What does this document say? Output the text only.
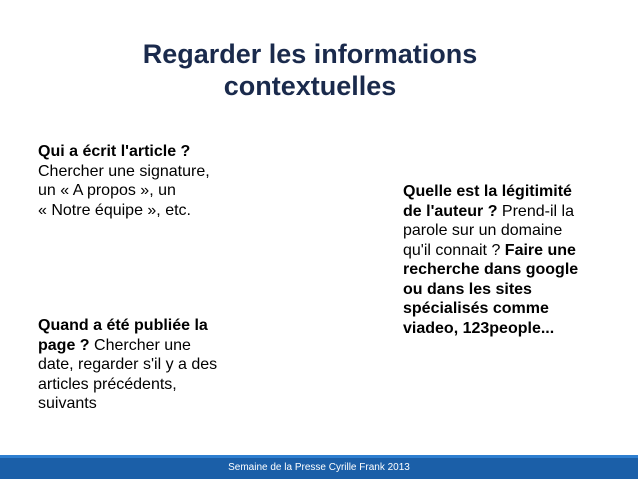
Regarder les informations
contextuelles
Qui a écrit l'article ?
Chercher une signature,
un « A propos », un
« Notre équipe », etc.
Quand a été publiée la
page ? Chercher une
date, regarder s'il y a des
articles précédents,
suivants
Quelle est la légitimité
de l'auteur ? Prend-il la
parole sur un domaine
qu'il connait ? Faire une
recherche dans google
ou dans les sites
spécialisés comme
viadeo, 123people...

Semaine de la Presse Cyrille Frank 2013
